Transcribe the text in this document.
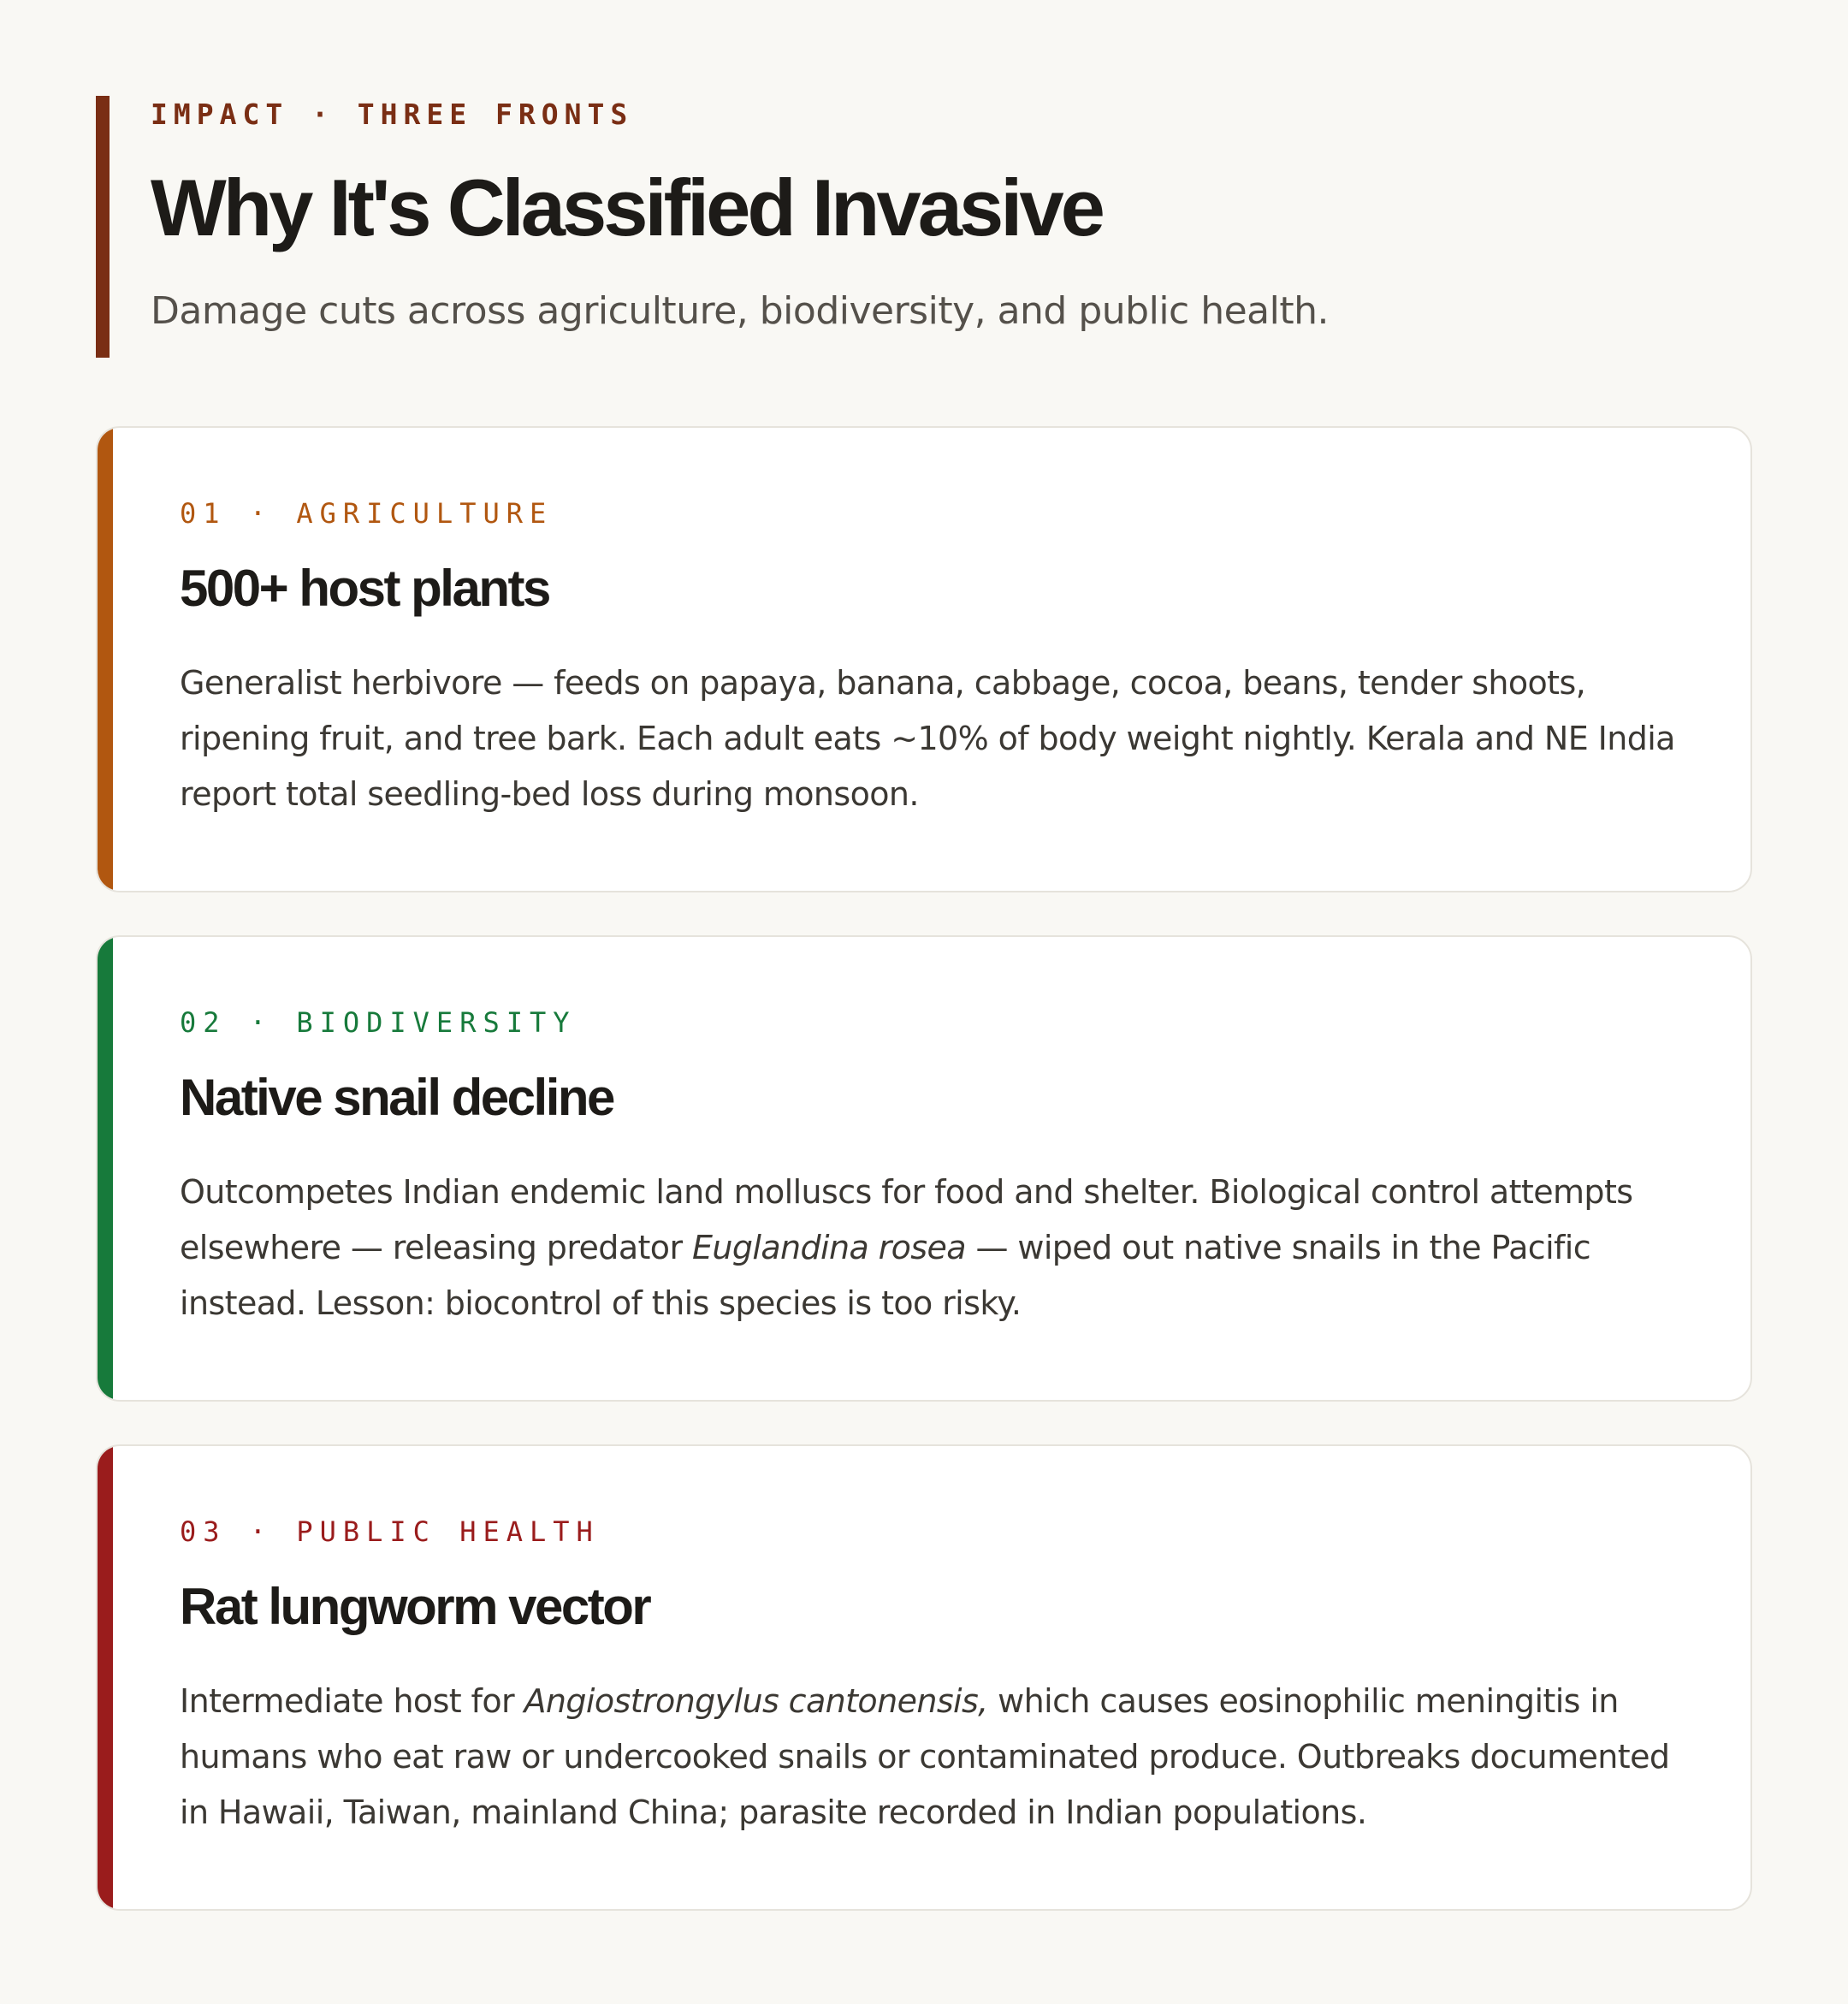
IMPACT · THREE FRONTS
Why It's Classified Invasive

Damage cuts across agriculture, biodiversity, and public health.

01 · AGRICULTURE
500+ host plants
Generalist herbivore — feeds on papaya, banana, cabbage, cocoa, beans, tender shoots, ripening fruit, and tree bark. Each adult eats ~10% of body weight nightly. Kerala and NE India report total seedling-bed loss during monsoon.
02 · BIODIVERSITY
Native snail decline
Outcompetes Indian endemic land molluscs for food and shelter. Biological control attempts elsewhere — releasing predator Euglandina rosea — wiped out native snails in the Pacific instead. Lesson: biocontrol of this species is too risky.
03 · PUBLIC HEALTH
Rat lungworm vector
Intermediate host for Angiostrongylus cantonensis, which causes eosinophilic meningitis in humans who eat raw or undercooked snails or contaminated produce. Outbreaks documented in Hawaii, Taiwan, mainland China; parasite recorded in Indian populations.
